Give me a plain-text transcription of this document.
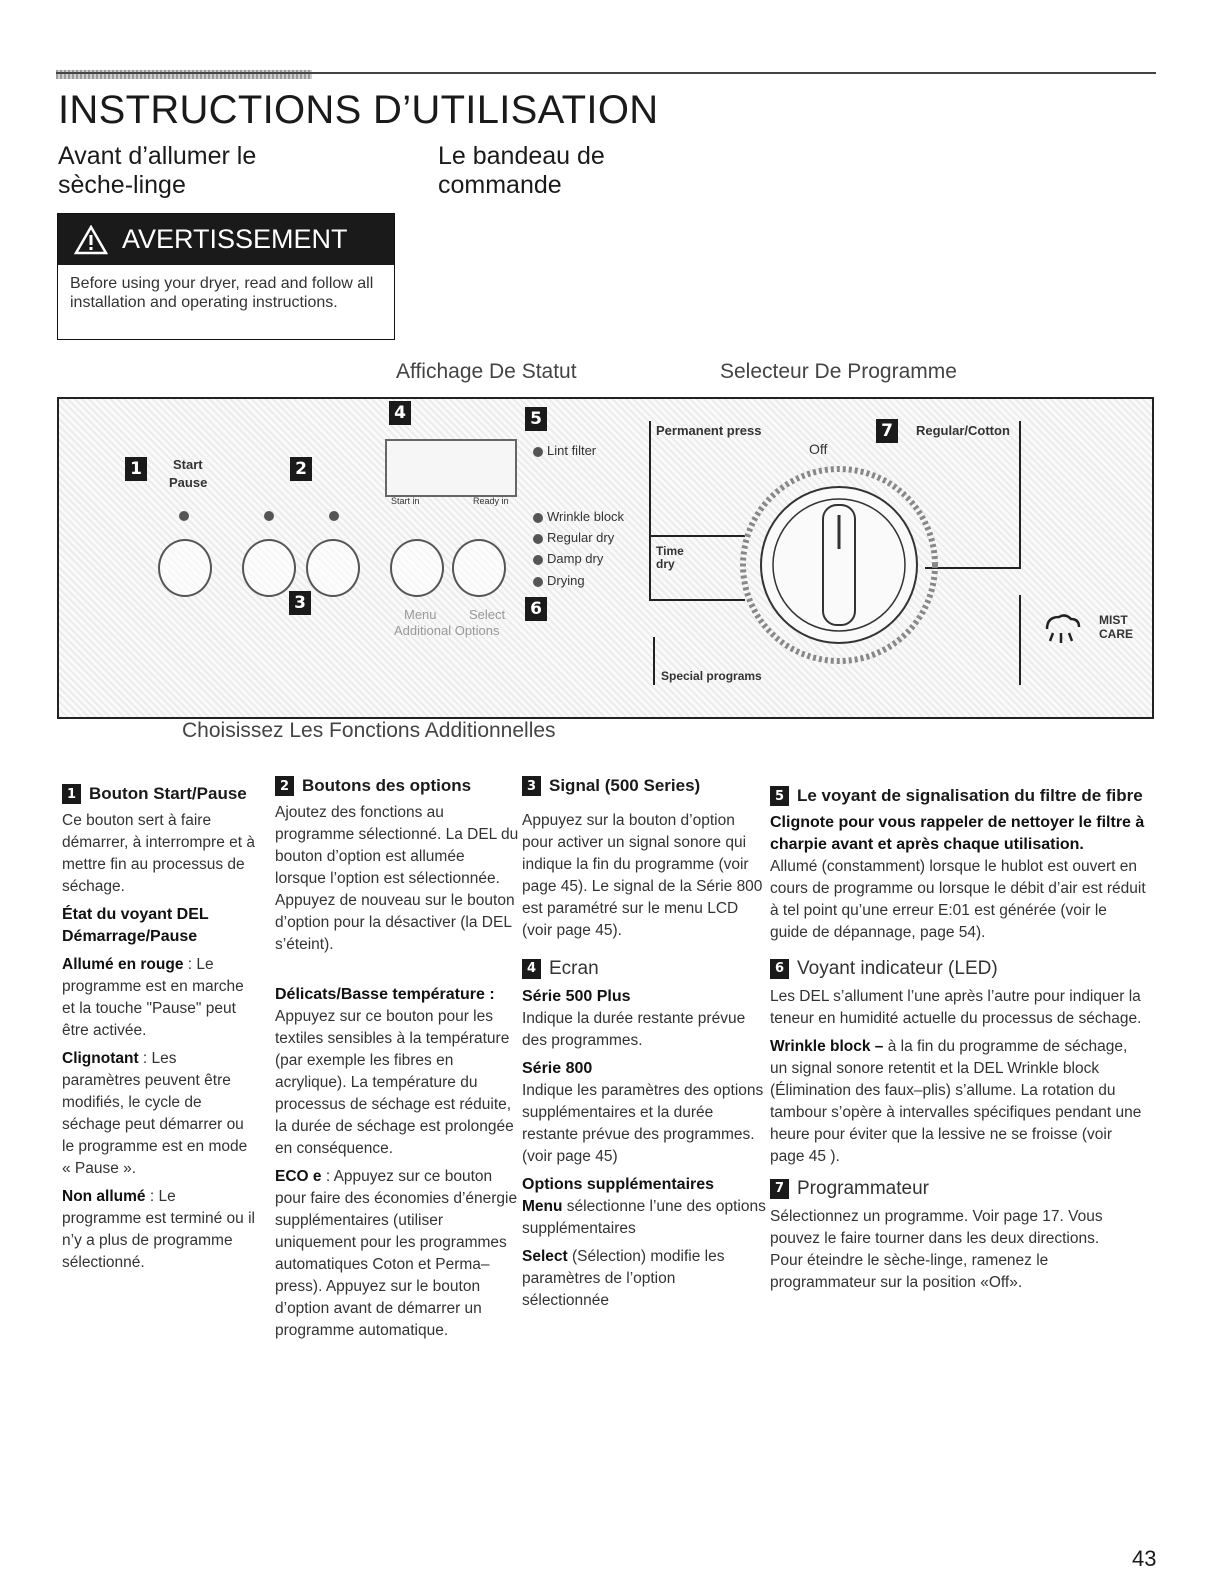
INSTRUCTIONS D’UTILISATION
Avant d’allumer le
sèche-linge
Le bandeau de
commande
AVERTISSEMENT
Before using your dryer, read and follow all installation and operating instructions.
Affichage De Statut	Selecteur De Programme
Choisissez Les Fonctions Additionnelles
1	Start
Pause
2
3
Menu Select
Additional Options
4
Start in	Ready in
5
Lint filter
Wrinkle block
Regular dry
Damp dry
Drying
6
Permanent press
Time dry
Off
7	Regular/Cotton
Special programs
MIST
CARE
1 Bouton Start/Pause

Ce bouton sert à faire démarrer, à interrompre et à mettre fin au processus de séchage.

État du voyant DEL Démarrage/Pause

Allumé en rouge : Le programme est en marche et la touche "Pause" peut être activée.

Clignotant : Les paramètres peuvent être modifiés, le cycle de séchage peut démarrer ou le programme est en mode « Pause ».

Non allumé : Le programme est terminé ou il n’y a plus de programme sélectionné.

2 Boutons des options

Ajoutez des fonctions au programme sélectionné. La DEL du bouton d’option est allumée lorsque l’option est sélectionnée. Appuyez de nouveau sur le bouton d’option pour la désactiver (la DEL s’éteint).

Délicats/Basse température :

Appuyez sur ce bouton pour les textiles sensibles à la température (par exemple les fibres en acrylique). La température du processus de séchage est réduite, la durée de séchage est prolongée en conséquence.

ECO e : Appuyez sur ce bouton pour faire des économies d’énergie supplémentaires (utiliser uniquement pour les programmes automatiques Coton et Perma–press). Appuyez sur le bouton d’option avant de démarrer un programme automatique.

3 Signal (500 Series)

Appuyez sur la bouton d’option pour activer un signal sonore qui indique la fin du programme (voir page 45). Le signal de la Série 800 est paramétré sur le menu LCD (voir page 45).

4 Ecran

Série 500 Plus

Indique la durée restante prévue des programmes.

Série 800

Indique les paramètres des options supplémentaires et la durée restante prévue des programmes. (voir page 45)

Options supplémentaires

Menu sélectionne l’une des options supplémentaires

Select (Sélection) modifie les paramètres de l’option sélectionnée

5 Le voyant de signalisation du filtre de fibre

Clignote pour vous rappeler de nettoyer le filtre à charpie avant et après chaque utilisation.

Allumé (constamment) lorsque le hublot est ouvert en cours de programme ou lorsque le débit d’air est réduit à tel point qu’une erreur E:01 est générée (voir le guide de dépannage, page 54).

6 Voyant indicateur (LED)

Les DEL s’allument l’une après l’autre pour indiquer la teneur en humidité actuelle du processus de séchage.

Wrinkle block – à la fin du programme de séchage, un signal sonore retentit et la DEL Wrinkle block (Élimination des faux–plis) s’allume. La rotation du tambour s’opère à intervalles spécifiques pendant une heure pour éviter que la lessive ne se froisse (voir page 45 ).

7 Programmateur

Sélectionnez un programme. Voir page 17. Vous pouvez le faire tourner dans les deux directions.

Pour éteindre le sèche-linge, ramenez le programmateur sur la position «Off».

43
